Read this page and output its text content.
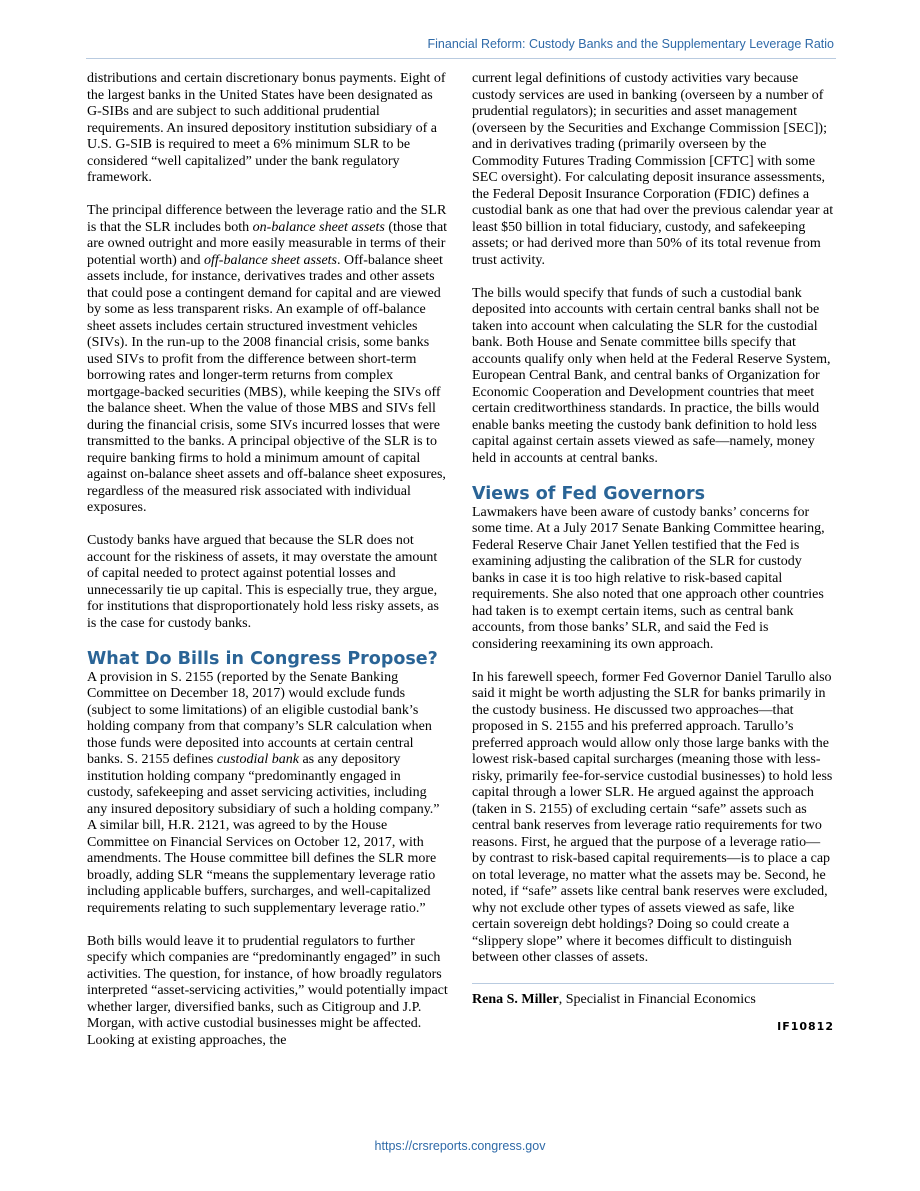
Financial Reform: Custody Banks and the Supplementary Leverage Ratio

distributions and certain discretionary bonus payments. Eight of the largest banks in the United States have been designated as G-SIBs and are subject to such additional prudential requirements. An insured depository institution subsidiary of a U.S. G-SIB is required to meet a 6% minimum SLR to be considered “well capitalized” under the bank regulatory framework.

The principal difference between the leverage ratio and the SLR is that the SLR includes both on-balance sheet assets (those that are owned outright and more easily measurable in terms of their potential worth) and off-balance sheet assets. Off-balance sheet assets include, for instance, derivatives trades and other assets that could pose a contingent demand for capital and are viewed by some as less transparent risks. An example of off-balance sheet assets includes certain structured investment vehicles (SIVs). In the run-up to the 2008 financial crisis, some banks used SIVs to profit from the difference between short-term borrowing rates and longer-term returns from complex mortgage-backed securities (MBS), while keeping the SIVs off the balance sheet. When the value of those MBS and SIVs fell during the financial crisis, some SIVs incurred losses that were transmitted to the banks. A principal objective of the SLR is to require banking firms to hold a minimum amount of capital against on-balance sheet assets and off-balance sheet exposures, regardless of the measured risk associated with individual exposures.

Custody banks have argued that because the SLR does not account for the riskiness of assets, it may overstate the amount of capital needed to protect against potential losses and unnecessarily tie up capital. This is especially true, they argue, for institutions that disproportionately hold less risky assets, as is the case for custody banks.

What Do Bills in Congress Propose?

A provision in S. 2155 (reported by the Senate Banking Committee on December 18, 2017) would exclude funds (subject to some limitations) of an eligible custodial bank’s holding company from that company’s SLR calculation when those funds were deposited into accounts at certain central banks. S. 2155 defines custodial bank as any depository institution holding company “predominantly engaged in custody, safekeeping and asset servicing activities, including any insured depository subsidiary of such a holding company.” A similar bill, H.R. 2121, was agreed to by the House Committee on Financial Services on October 12, 2017, with amendments. The House committee bill defines the SLR more broadly, adding SLR “means the supplementary leverage ratio including applicable buffers, surcharges, and well-capitalized requirements relating to such supplementary leverage ratio.”

Both bills would leave it to prudential regulators to further specify which companies are “predominantly engaged” in such activities. The question, for instance, of how broadly regulators interpreted “asset-servicing activities,” would potentially impact whether larger, diversified banks, such as Citigroup and J.P. Morgan, with active custodial businesses might be affected. Looking at existing approaches, the

current legal definitions of custody activities vary because custody services are used in banking (overseen by a number of prudential regulators); in securities and asset management (overseen by the Securities and Exchange Commission [SEC]); and in derivatives trading (primarily overseen by the Commodity Futures Trading Commission [CFTC] with some SEC oversight). For calculating deposit insurance assessments, the Federal Deposit Insurance Corporation (FDIC) defines a custodial bank as one that had over the previous calendar year at least $50 billion in total fiduciary, custody, and safekeeping assets; or had derived more than 50% of its total revenue from trust activity.

The bills would specify that funds of such a custodial bank deposited into accounts with certain central banks shall not be taken into account when calculating the SLR for the custodial bank. Both House and Senate committee bills specify that accounts qualify only when held at the Federal Reserve System, European Central Bank, and central banks of Organization for Economic Cooperation and Development countries that meet certain creditworthiness standards. In practice, the bills would enable banks meeting the custody bank definition to hold less capital against certain assets viewed as safe—namely, money held in accounts at central banks.

Views of Fed Governors

Lawmakers have been aware of custody banks’ concerns for some time. At a July 2017 Senate Banking Committee hearing, Federal Reserve Chair Janet Yellen testified that the Fed is examining adjusting the calibration of the SLR for custody banks in case it is too high relative to risk-based capital requirements. She also noted that one approach other countries had taken is to exempt certain items, such as central bank accounts, from those banks’ SLR, and said the Fed is considering reexamining its own approach.

In his farewell speech, former Fed Governor Daniel Tarullo also said it might be worth adjusting the SLR for banks primarily in the custody business. He discussed two approaches—that proposed in S. 2155 and his preferred approach. Tarullo’s preferred approach would allow only those large banks with the lowest risk-based capital surcharges (meaning those with less-risky, primarily fee-for-service custodial businesses) to hold less capital through a lower SLR. He argued against the approach (taken in S. 2155) of excluding certain “safe” assets such as central bank reserves from leverage ratio requirements for two reasons. First, he argued that the purpose of a leverage ratio—by contrast to risk-based capital requirements—is to place a cap on total leverage, no matter what the assets may be. Second, he noted, if “safe” assets like central bank reserves were excluded, why not exclude other types of assets viewed as safe, like certain sovereign debt holdings? Doing so could create a “slippery slope” where it becomes difficult to distinguish between other classes of assets.

Rena S. Miller, Specialist in Financial Economics

IF10812
https://crsreports.congress.gov
